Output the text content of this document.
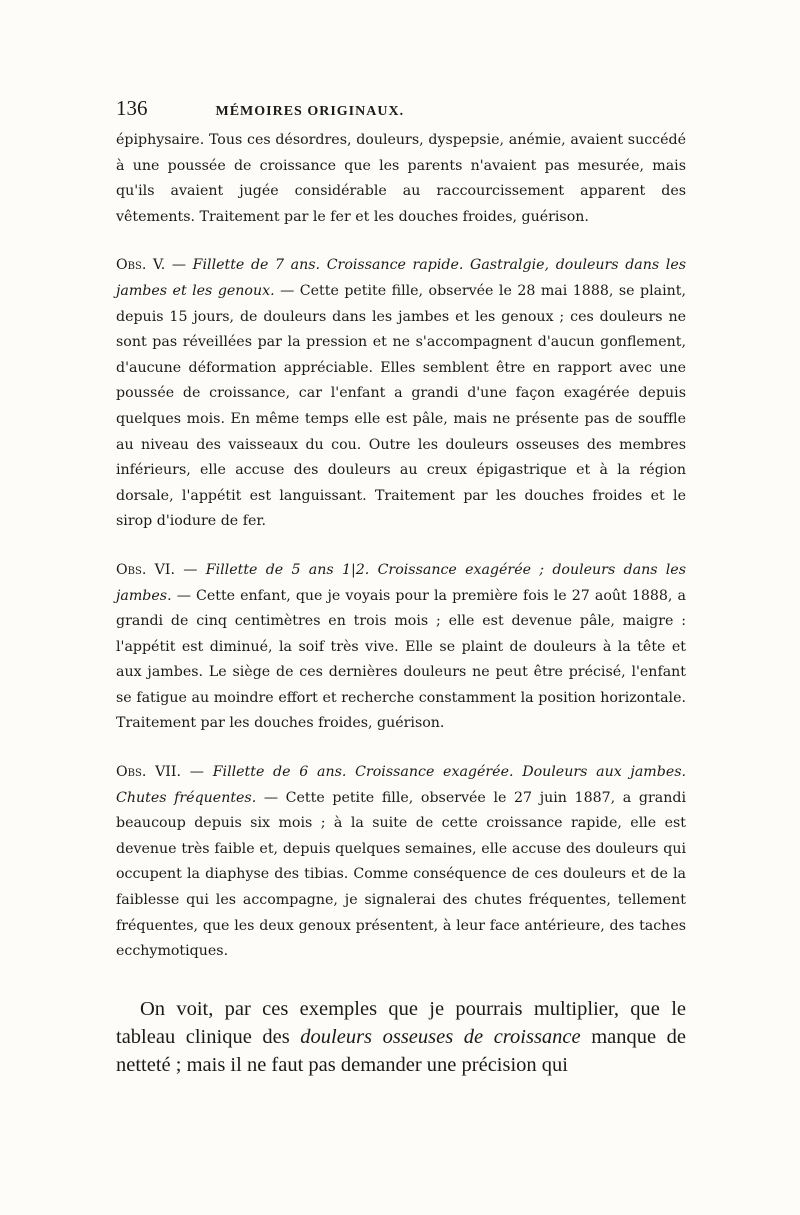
136	MÉMOIRES ORIGINAUX.

épiphysaire. Tous ces désordres, douleurs, dyspepsie, anémie, avaient succédé à une poussée de croissance que les parents n'avaient pas mesurée, mais qu'ils avaient jugée considérable au raccourcissement apparent des vêtements. Traitement par le fer et les douches froides, guérison.

Obs. V. — Fillette de 7 ans. Croissance rapide. Gastralgie, douleurs dans les jambes et les genoux. — Cette petite fille, observée le 28 mai 1888, se plaint, depuis 15 jours, de douleurs dans les jambes et les genoux ; ces douleurs ne sont pas réveillées par la pression et ne s'accompagnent d'aucun gonflement, d'aucune déformation appréciable. Elles semblent être en rapport avec une poussée de croissance, car l'enfant a grandi d'une façon exagérée depuis quelques mois. En même temps elle est pâle, mais ne présente pas de souffle au niveau des vaisseaux du cou. Outre les douleurs osseuses des membres inférieurs, elle accuse des douleurs au creux épigastrique et à la région dorsale, l'appétit est languissant. Traitement par les douches froides et le sirop d'iodure de fer.

Obs. VI. — Fillette de 5 ans 1|2. Croissance exagérée ; douleurs dans les jambes. — Cette enfant, que je voyais pour la première fois le 27 août 1888, a grandi de cinq centimètres en trois mois ; elle est devenue pâle, maigre : l'appétit est diminué, la soif très vive. Elle se plaint de douleurs à la tête et aux jambes. Le siège de ces dernières douleurs ne peut être précisé, l'enfant se fatigue au moindre effort et recherche constamment la position horizontale. Traitement par les douches froides, guérison.

Obs. VII. — Fillette de 6 ans. Croissance exagérée. Douleurs aux jambes. Chutes fréquentes. — Cette petite fille, observée le 27 juin 1887, a grandi beaucoup depuis six mois ; à la suite de cette croissance rapide, elle est devenue très faible et, depuis quelques semaines, elle accuse des douleurs qui occupent la diaphyse des tibias. Comme conséquence de ces douleurs et de la faiblesse qui les accompagne, je signalerai des chutes fréquentes, tellement fréquentes, que les deux genoux présentent, à leur face antérieure, des taches ecchymotiques.

On voit, par ces exemples que je pourrais multiplier, que le tableau clinique des douleurs osseuses de croissance manque de netteté ; mais il ne faut pas demander une précision qui
